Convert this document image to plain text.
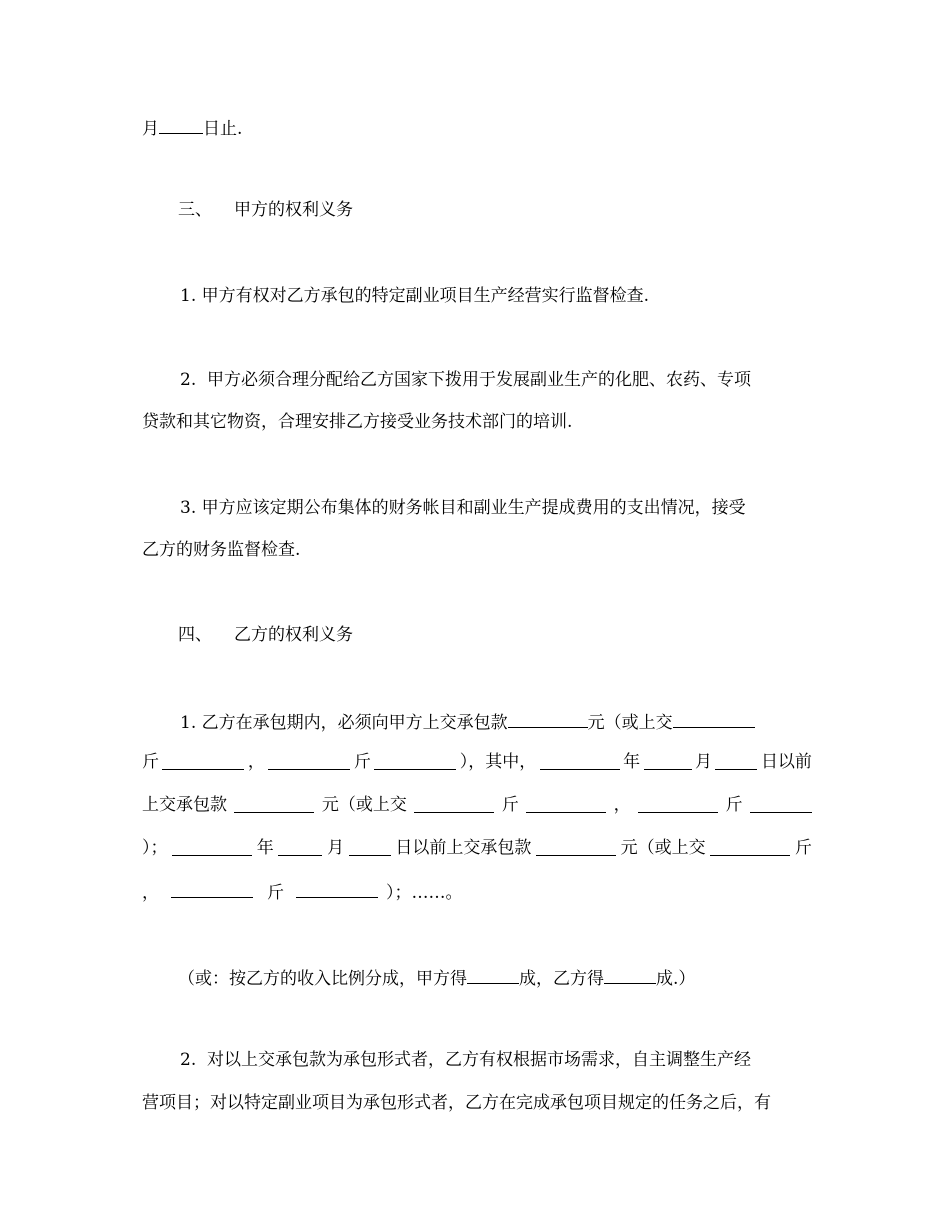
月	日止.
三、 甲方的权利义务
1. 甲方有权对乙方承包的特定副业项目生产经营实行监督检查.
2.  甲方必须合理分配给乙方国家下拨用于发展副业生产的化肥、农药、专项
贷款和其它物资，合理安排乙方接受业务技术部门的培训.
3. 甲方应该定期公布集体的财务帐目和副业生产提成费用的支出情况，接受
乙方的财务监督检查.
四、 乙方的权利义务
1. 乙方在承包期内，必须向甲方上交承包款	元（或上交
斤	，	斤	），其中，	年	月	日以前
上交承包款	元（或上交	斤	，	斤
）；	年	月	日以前上交承包款	元（或上交	斤
，	斤	）；……。
（或：按乙方的收入比例分成，甲方得	成，乙方得	成.）
2.  对以上交承包款为承包形式者，乙方有权根据市场需求，自主调整生产经
营项目；对以特定副业项目为承包形式者，乙方在完成承包项目规定的任务之后，有
